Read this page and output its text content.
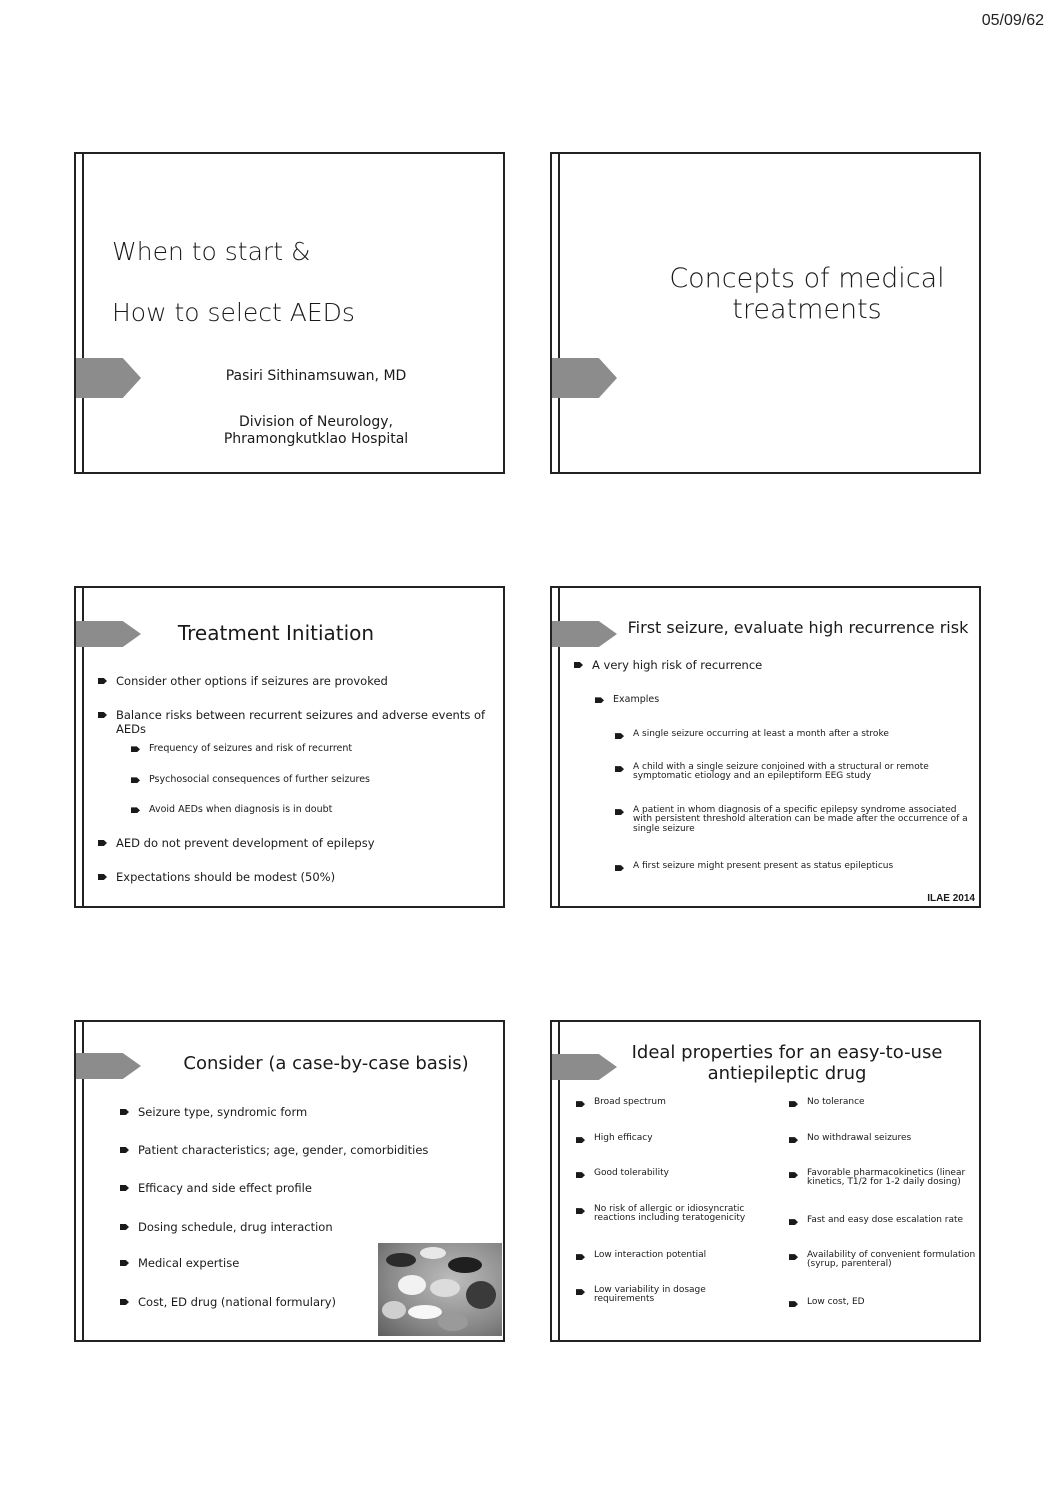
05/09/62
When to start &
How to select AEDs
Pasiri Sithinamsuwan, MD
Division of Neurology,
Phramongkutklao Hospital
Concepts of medical
treatments
Treatment Initiation
Consider other options if seizures are provoked
Balance risks between recurrent seizures and adverse events of AEDs
Frequency of seizures and risk of recurrent
Psychosocial consequences of further seizures
Avoid AEDs when diagnosis is in doubt
AED do not prevent development of epilepsy
Expectations should be modest (50%)
First seizure, evaluate high recurrence risk
A very high risk of recurrence
Examples
A single seizure occurring at least a month after a stroke
A child with a single seizure conjoined with a structural or remote symptomatic etiology and an epileptiform EEG study
A patient in whom diagnosis of a specific epilepsy syndrome associated with persistent threshold alteration can be made after the occurrence of a single seizure
A first seizure might present present as status epilepticus
ILAE 2014
Consider (a case-by-case basis)
Seizure type, syndromic form
Patient characteristics; age, gender, comorbidities
Efficacy and side effect profile
Dosing schedule, drug interaction
Medical expertise
Cost, ED drug (national formulary)
Ideal properties for an easy-to-use
antiepileptic drug
Broad spectrum
High efficacy
Good tolerability
No risk of allergic or idiosyncratic reactions including teratogenicity
Low interaction potential
Low variability in dosage requirements
No tolerance
No withdrawal seizures
Favorable pharmacokinetics (linear kinetics, T1/2 for 1-2 daily dosing)
Fast and easy dose escalation rate
Availability of convenient formulation (syrup, parenteral)
Low cost, ED
